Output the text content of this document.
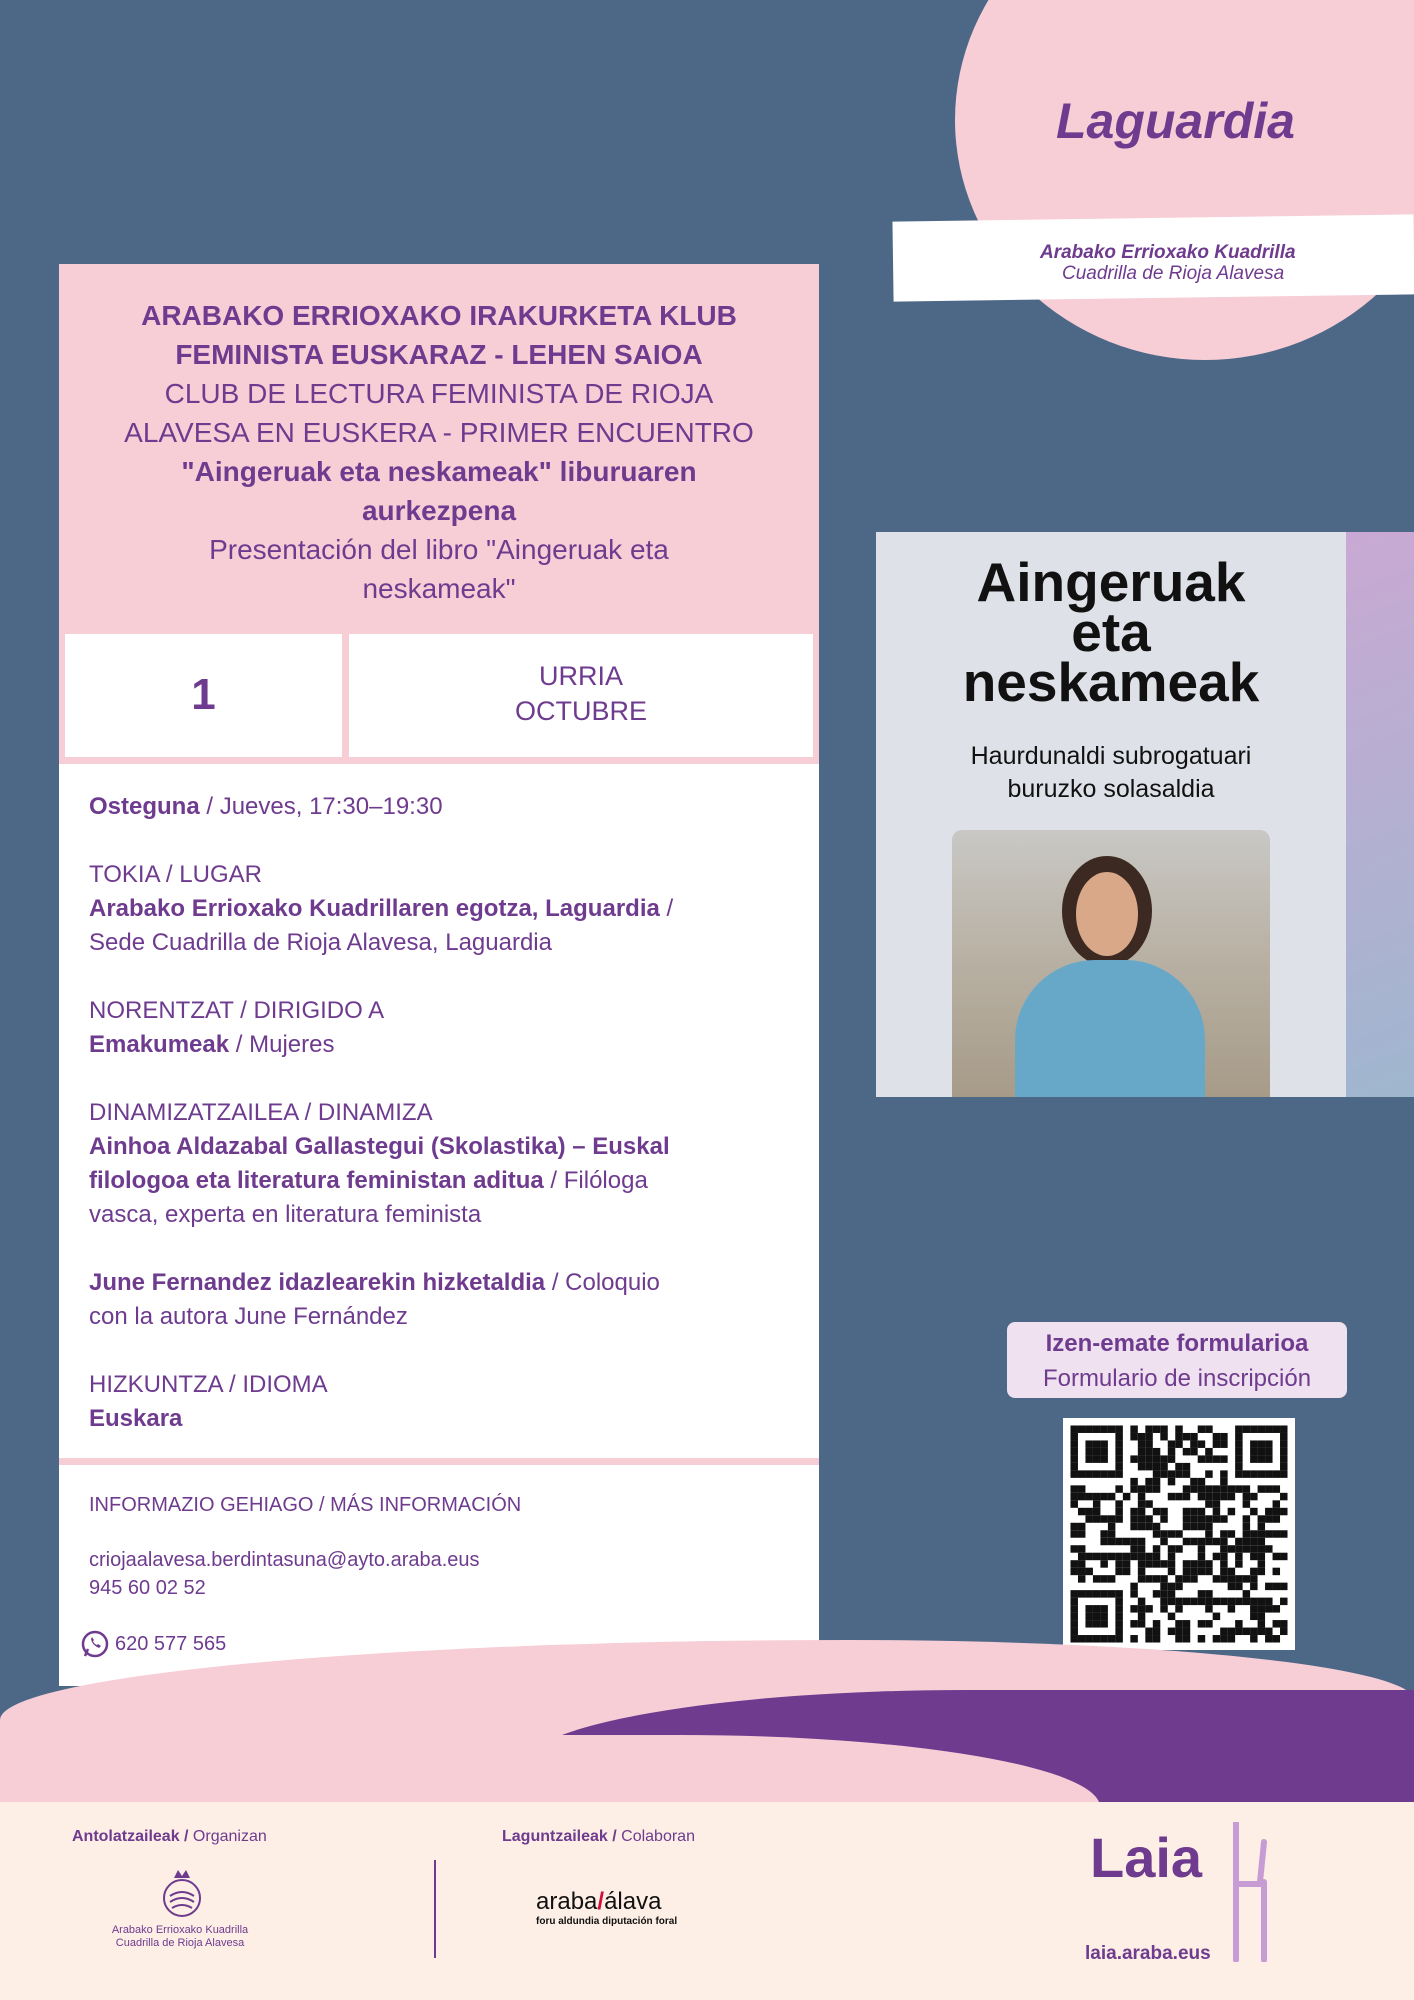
Laguardia
Arabako Errioxako Kuadrilla
Cuadrilla de Rioja Alavesa
ARABAKO ERRIOXAKO IRAKURKETA KLUB
FEMINISTA EUSKARAZ - LEHEN SAIOA
CLUB DE LECTURA FEMINISTA DE RIOJA
ALAVESA EN EUSKERA - PRIMER ENCUENTRO
"Aingeruak eta neskameak" liburuaren
aurkezpena
Presentación del libro "Aingeruak eta
neskameak"
1	URRIA
OCTUBRE
Osteguna / Jueves, 17:30–19:30
TOKIA / LUGAR
Arabako Errioxako Kuadrillaren egotza, Laguardia /
Sede Cuadrilla de Rioja Alavesa, Laguardia
NORENTZAT / DIRIGIDO A
Emakumeak / Mujeres
DINAMIZATZAILEA / DINAMIZA
Ainhoa Aldazabal Gallastegui (Skolastika) – Euskal
filologoa eta literatura feministan aditua / Filóloga
vasca, experta en literatura feminista
June Fernandez idazlearekin hizketaldia / Coloquio
con la autora June Fernández
HIZKUNTZA / IDIOMA
Euskara
INFORMAZIO GEHIAGO / MÁS INFORMACIÓN
criojaalavesa.berdintasuna@ayto.araba.eus
945 60 02 52
620 577 565
Aingeruak
eta
neskameak
Haurdunaldi subrogatuari
buruzko solasaldia
Izen-emate formularioa
Formulario de inscripción
Antolatzaileak / Organizan
Arabako Errioxako Kuadrilla
Cuadrilla de Rioja Alavesa
Laguntzaileak / Colaboran
araba/álava
foru aldundia diputación foral
Laia
laia.araba.eus
